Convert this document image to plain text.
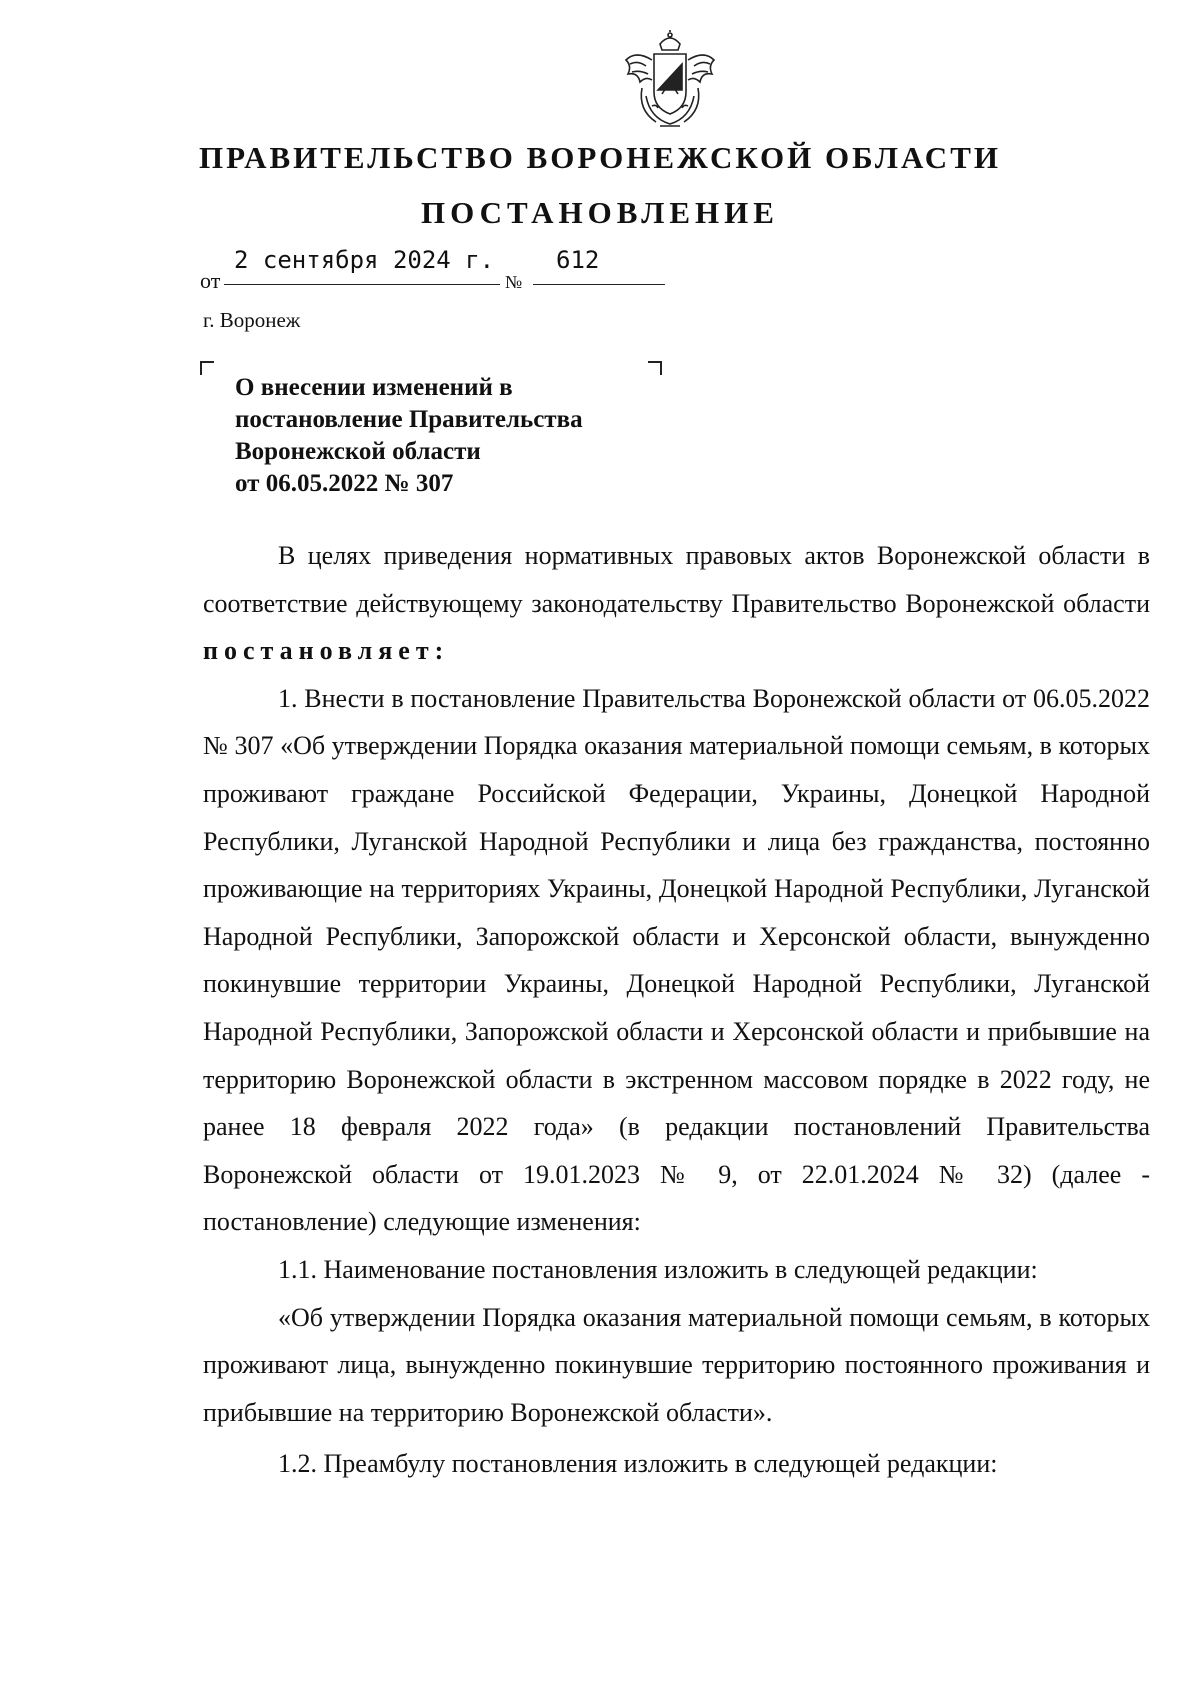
ПРАВИТЕЛЬСТВО ВОРОНЕЖСКОЙ ОБЛАСТИ
ПОСТАНОВЛЕНИЕ
от
2 сентября 2024 г.
№
612
г. Воронеж
О внесении изменений в
постановление Правительства
Воронежской области
от 06.05.2022 № 307

В целях приведения нормативных правовых актов Воронежской области в соответствие действующему законодательству Правительство Воронежской области постановляет:

1. Внести в постановление Правительства Воронежской области от 06.05.2022 № 307 «Об утверждении Порядка оказания материальной помощи семьям, в которых проживают граждане Российской Федерации, Украины, Донецкой Народной Республики, Луганской Народной Республики и лица без гражданства, постоянно проживающие на территориях Украины, Донецкой Народной Республики, Луганской Народной Республики, Запорожской области и Херсонской области, вынужденно покинувшие территории Украины, Донецкой Народной Республики, Луганской Народной Республики, Запорожской области и Херсонской области и прибывшие на территорию Воронежской области в экстренном массовом порядке в 2022 году, не ранее 18 февраля 2022 года» (в редакции постановлений Правительства Воронежской области от 19.01.2023 № 9, от 22.01.2024 № 32) (далее - постановление) следующие изменения:

1.1. Наименование постановления изложить в следующей редакции:

«Об утверждении Порядка оказания материальной помощи семьям, в которых проживают лица, вынужденно покинувшие территорию постоянного проживания и прибывшие на территорию Воронежской области».

1.2. Преамбулу постановления изложить в следующей редакции:
